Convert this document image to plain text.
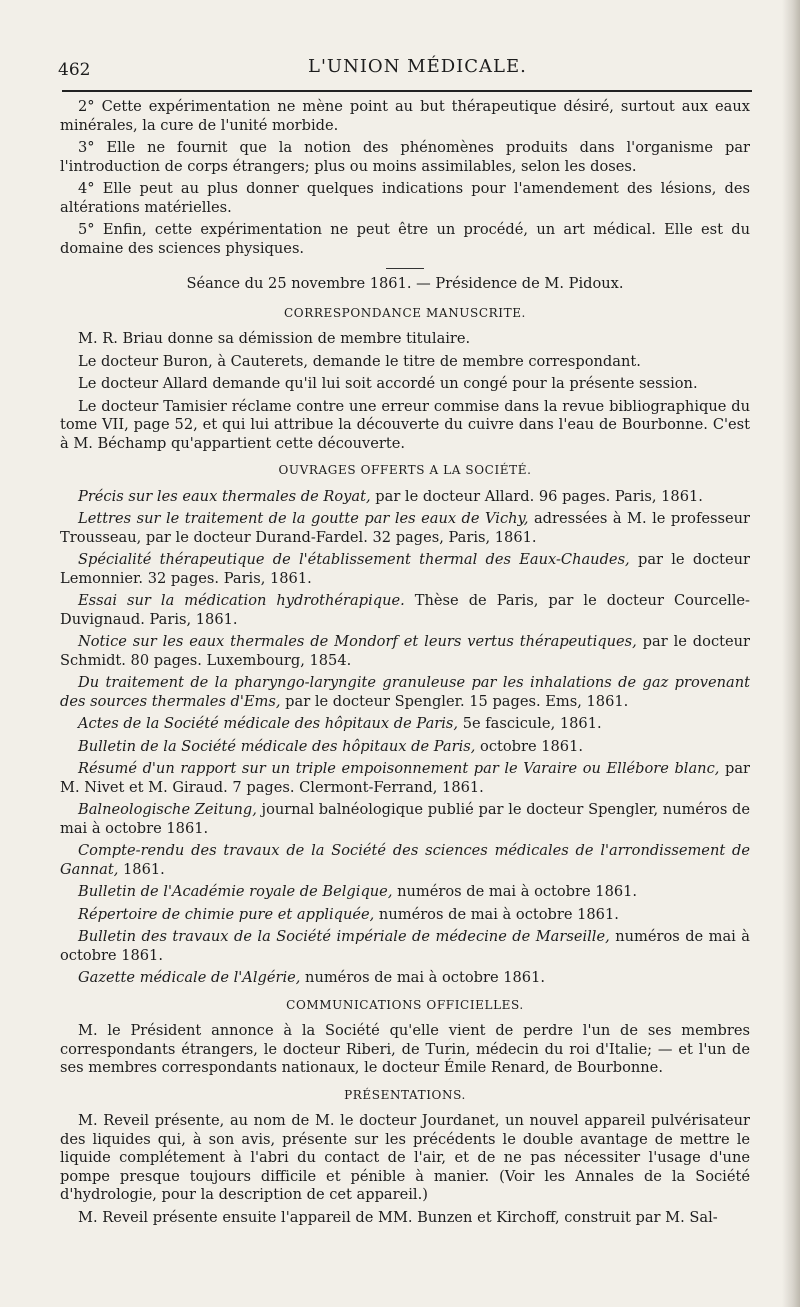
462	L'UNION MÉDICALE.

2° Cette expérimentation ne mène point au but thérapeutique désiré, surtout aux eaux minérales, la cure de l'unité morbide.

3° Elle ne fournit que la notion des phénomènes produits dans l'organisme par l'introduction de corps étrangers; plus ou moins assimilables, selon les doses.

4° Elle peut au plus donner quelques indications pour l'amendement des lésions, des altérations matérielles.

5° Enfin, cette expérimentation ne peut être un procédé, un art médical. Elle est du domaine des sciences physiques.

Séance du 25 novembre 1861. — Présidence de M. Pidoux.
CORRESPONDANCE MANUSCRITE.

M. R. Briau donne sa démission de membre titulaire.

Le docteur Buron, à Cauterets, demande le titre de membre correspondant.

Le docteur Allard demande qu'il lui soit accordé un congé pour la présente session.

Le docteur Tamisier réclame contre une erreur commise dans la revue bibliographique du tome VII, page 52, et qui lui attribue la découverte du cuivre dans l'eau de Bourbonne. C'est à M. Béchamp qu'appartient cette découverte.

OUVRAGES OFFERTS A LA SOCIÉTÉ.

Précis sur les eaux thermales de Royat, par le docteur Allard. 96 pages. Paris, 1861.

Lettres sur le traitement de la goutte par les eaux de Vichy, adressées à M. le professeur Trousseau, par le docteur Durand-Fardel. 32 pages, Paris, 1861.

Spécialité thérapeutique de l'établissement thermal des Eaux-Chaudes, par le docteur Lemonnier. 32 pages. Paris, 1861.

Essai sur la médication hydrothérapique. Thèse de Paris, par le docteur Courcelle-Duvignaud. Paris, 1861.

Notice sur les eaux thermales de Mondorf et leurs vertus thérapeutiques, par le docteur Schmidt. 80 pages. Luxembourg, 1854.

Du traitement de la pharyngo-laryngite granuleuse par les inhalations de gaz provenant des sources thermales d'Ems, par le docteur Spengler. 15 pages. Ems, 1861.

Actes de la Société médicale des hôpitaux de Paris, 5e fascicule, 1861.

Bulletin de la Société médicale des hôpitaux de Paris, octobre 1861.

Résumé d'un rapport sur un triple empoisonnement par le Varaire ou Ellébore blanc, par M. Nivet et M. Giraud. 7 pages. Clermont-Ferrand, 1861.

Balneologische Zeitung, journal balnéologique publié par le docteur Spengler, numéros de mai à octobre 1861.

Compte-rendu des travaux de la Société des sciences médicales de l'arrondissement de Gannat, 1861.

Bulletin de l'Académie royale de Belgique, numéros de mai à octobre 1861.

Répertoire de chimie pure et appliquée, numéros de mai à octobre 1861.

Bulletin des travaux de la Société impériale de médecine de Marseille, numéros de mai à octobre 1861.

Gazette médicale de l'Algérie, numéros de mai à octobre 1861.

COMMUNICATIONS OFFICIELLES.

M. le Président annonce à la Société qu'elle vient de perdre l'un de ses membres correspondants étrangers, le docteur Riberi, de Turin, médecin du roi d'Italie; — et l'un de ses membres correspondants nationaux, le docteur Émile Renard, de Bourbonne.

PRÉSENTATIONS.

M. Reveil présente, au nom de M. le docteur Jourdanet, un nouvel appareil pulvérisateur des liquides qui, à son avis, présente sur les précédents le double avantage de mettre le liquide complétement à l'abri du contact de l'air, et de ne pas nécessiter l'usage d'une pompe presque toujours difficile et pénible à manier. (Voir les Annales de la Société d'hydrologie, pour la description de cet appareil.)

M. Reveil présente ensuite l'appareil de MM. Bunzen et Kirchoff, construit par M. Sal-
